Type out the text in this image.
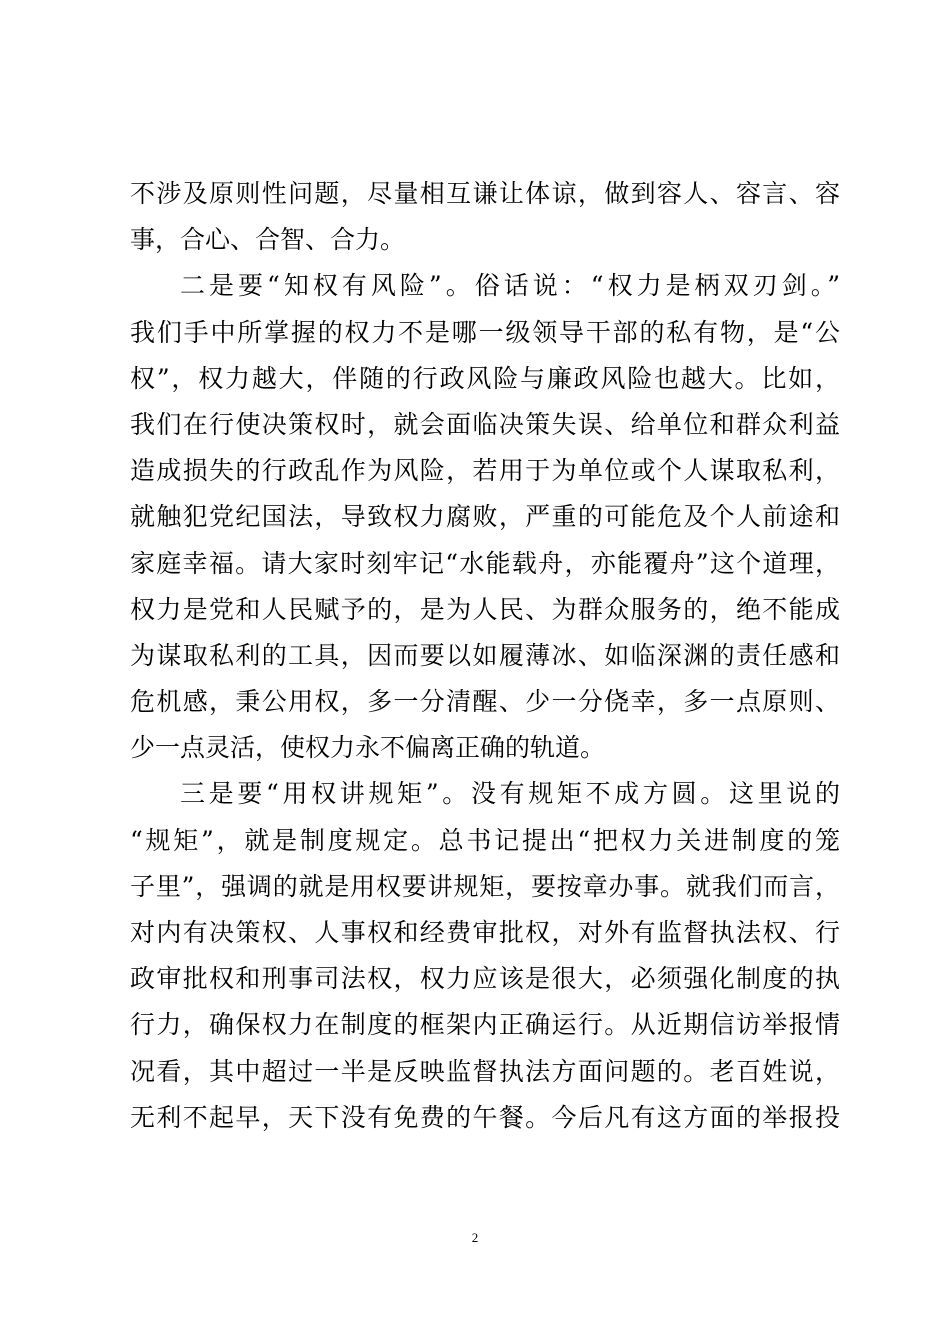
不涉及原则性问题，尽量相互谦让体谅，做到容人、容言、容
事，合心、合智、合力。
二是要“知权有风险”。俗话说：“权力是柄双刃剑。”
我们手中所掌握的权力不是哪一级领导干部的私有物，是“公
权”，权力越大，伴随的行政风险与廉政风险也越大。比如，
我们在行使决策权时，就会面临决策失误、给单位和群众利益
造成损失的行政乱作为风险，若用于为单位或个人谋取私利，
就触犯党纪国法，导致权力腐败，严重的可能危及个人前途和
家庭幸福。请大家时刻牢记“水能载舟，亦能覆舟”这个道理，
权力是党和人民赋予的，是为人民、为群众服务的，绝不能成
为谋取私利的工具，因而要以如履薄冰、如临深渊的责任感和
危机感，秉公用权，多一分清醒、少一分侥幸，多一点原则、
少一点灵活，使权力永不偏离正确的轨道。
三是要“用权讲规矩”。没有规矩不成方圆。这里说的
“规矩”，就是制度规定。总书记提出“把权力关进制度的笼
子里”，强调的就是用权要讲规矩，要按章办事。就我们而言，
对内有决策权、人事权和经费审批权，对外有监督执法权、行
政审批权和刑事司法权，权力应该是很大，必须强化制度的执
行力，确保权力在制度的框架内正确运行。从近期信访举报情
况看，其中超过一半是反映监督执法方面问题的。老百姓说，
无利不起早，天下没有免费的午餐。今后凡有这方面的举报投
2
